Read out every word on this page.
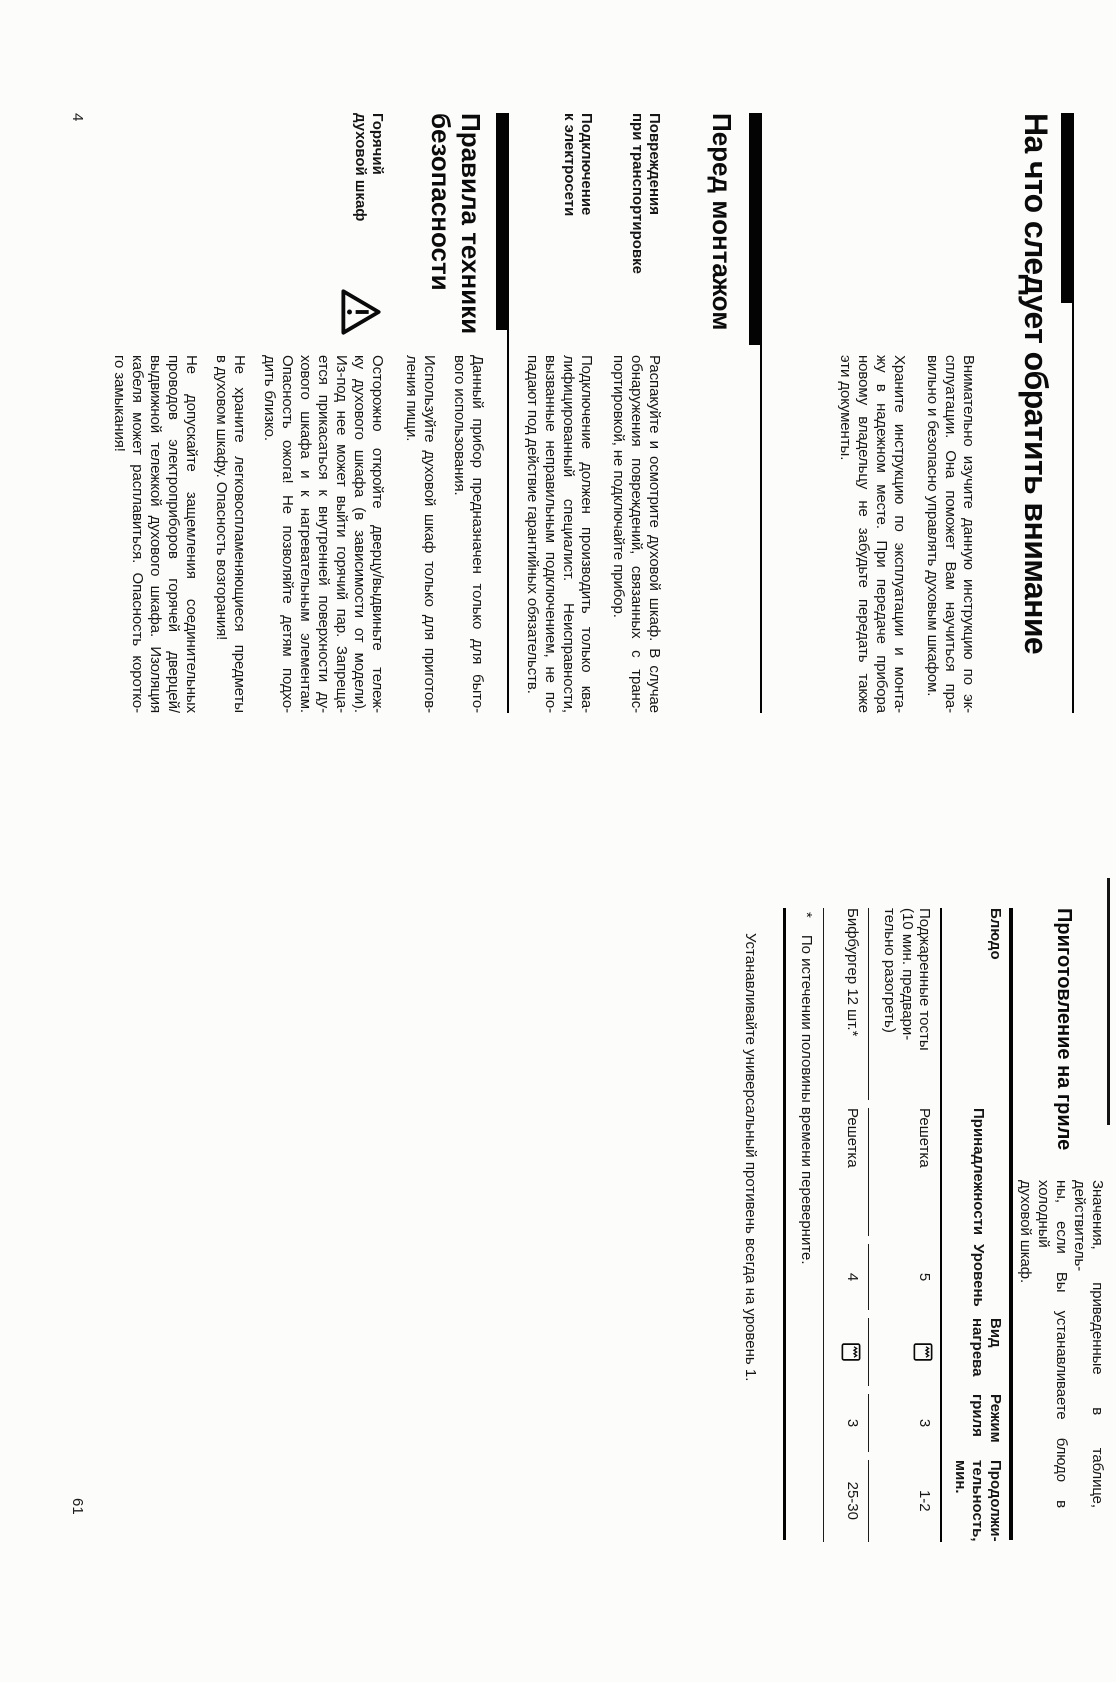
На что следует обратить внимание
Внимательно изучите данную инструкцию по эк-
сплуатации. Она поможет Вам научиться пра-
вильно и безопасно управлять духовым шкафом.
Храните инструкцию по эксплуатации и монта-
жу в надежном месте. При передаче прибора
новому владельцу не забудьте передать также
эти документы.
Перед монтажом
Повреждения
при транспортировке
Распакуйте и осмотрите духовой шкаф. В случае
обнаружения повреждений, связанных с транс-
портировкой, не подключайте прибор.
Подключение
к электросети
Подключение должен производить только ква-
лифицированный специалист. Неисправности,
вызванные неправильным подключением, не по-
падают под действие гарантийных обязательств.
Правила техники
безопасности
Данный прибор предназначен только для быто-
вого использования.
Используйте духовой шкаф только для приготов-
ления пищи.
Горячий
духовой шкаф
Осторожно откройте дверцу/выдвиньте тележ-
ку духового шкафа (в зависимости от модели).
Из-под нее может выйти горячий пар. Запреща-
ется прикасаться к внутренней поверхности ду-
хового шкафа и к нагревательным элементам.
Опасность ожога! Не позволяйте детям подхо-
дить близко.
Не храните легковоспламеняющиеся предметы
в духовом шкафу. Опасность возгорания!
Не допускайте защемления соединительных
проводов электроприборов горячей дверцей/
выдвижной тележкой духового шкафа. Изоляция
кабеля может расплавиться. Опасность коротко-
го замыкания!
Приготовление на гриле
Значения, приведенные в таблице, действитель-
ны, если Вы устанавливаете блюдо в холодный
духовой шкаф.
Блюдо
Принадлежности
Уровень
Вид
нагрева
Режим
гриля
Продолжи-
тельность,
мин.
Поджаренные тосты
(10 мин. предвари-
тельно разогреть)
Решетка
5
3
1-2
Бифбургер 12 шт.*
Решетка
4
3
25-30
*
По истечении половины времени переверните.
Устанавливайте универсальный противень всегда на уровень 1.
4
61
